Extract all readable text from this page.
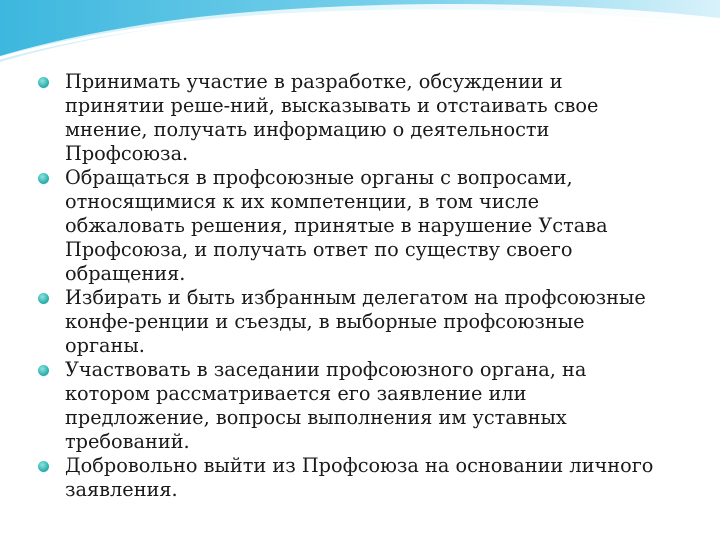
Принимать участие в разработке, обсуждении и принятии реше-ний, высказывать и отстаивать свое мнение, получать информацию о деятельности Профсоюза.
Обращаться в профсоюзные органы с вопросами, относящимися к их компетенции, в том числе обжаловать решения, принятые в нарушение Устава Профсоюза, и получать ответ по существу своего обращения.
Избирать и быть избранным делегатом на профсоюзные конфе-ренции и съезды, в выборные профсоюзные органы.
Участвовать в заседании профсоюзного органа, на котором рассматривается его заявление или предложение, вопросы выполнения им уставных требований.
Добровольно выйти из Профсоюза на основании личного заявления.
